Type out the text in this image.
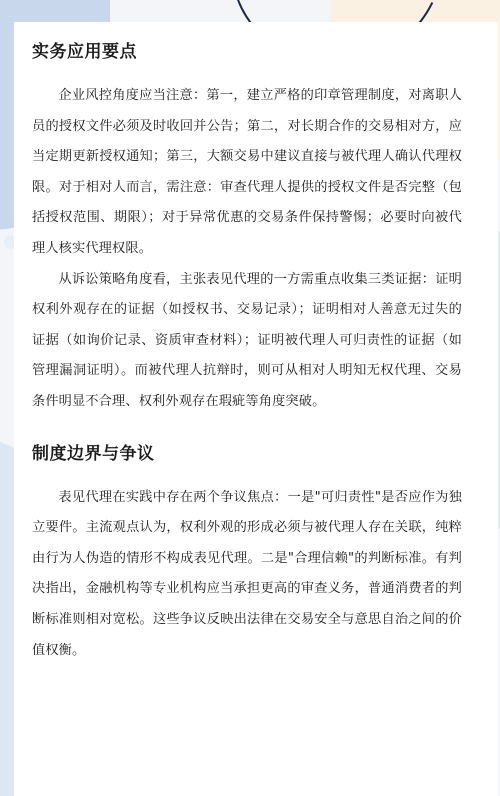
实务应用要点

企业风控角度应当注意：第一，建立严格的印章管理制度，对离职人员的授权文件必须及时收回并公告；第二，对长期合作的交易相对方，应当定期更新授权通知；第三，大额交易中建议直接与被代理人确认代理权限。对于相对人而言，需注意：审查代理人提供的授权文件是否完整（包括授权范围、期限）；对于异常优惠的交易条件保持警惕；必要时向被代理人核实代理权限。

从诉讼策略角度看，主张表见代理的一方需重点收集三类证据：证明权利外观存在的证据（如授权书、交易记录）；证明相对人善意无过失的证据（如询价记录、资质审查材料）；证明被代理人可归责性的证据（如管理漏洞证明）。而被代理人抗辩时，则可从相对人明知无权代理、交易条件明显不合理、权利外观存在瑕疵等角度突破。

制度边界与争议

表见代理在实践中存在两个争议焦点：一是"可归责性"是否应作为独立要件。主流观点认为，权利外观的形成必须与被代理人存在关联，纯粹由行为人伪造的情形不构成表见代理。二是"合理信赖"的判断标准。有判决指出，金融机构等专业机构应当承担更高的审查义务，普通消费者的判断标准则相对宽松。这些争议反映出法律在交易安全与意思自治之间的价值权衡。
